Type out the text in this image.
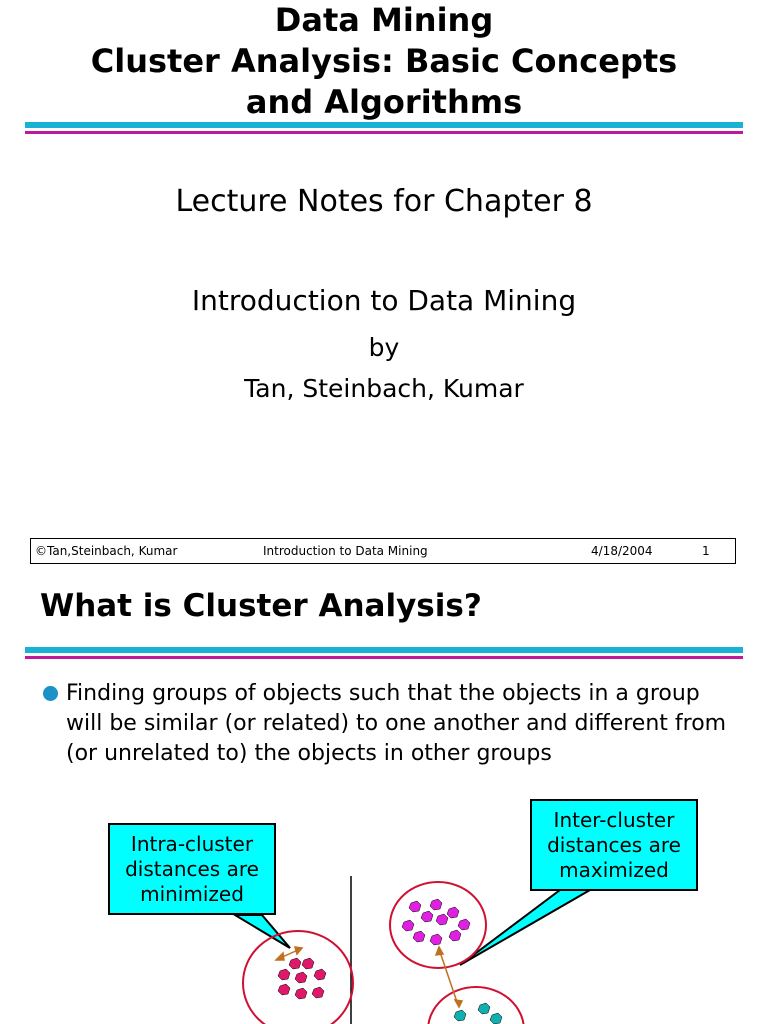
Data Mining
Cluster Analysis: Basic Concepts
and Algorithms
Lecture Notes for Chapter 8
Introduction to Data Mining
by
Tan, Steinbach, Kumar
©Tan,Steinbach, Kumar	Introduction to Data Mining	4/18/2004	1
What is Cluster Analysis?
Finding groups of objects such that the objects in a group will be similar (or related) to one another and different from (or unrelated to) the objects in other groups
Intra-cluster distances are minimized
Inter-cluster distances are maximized
